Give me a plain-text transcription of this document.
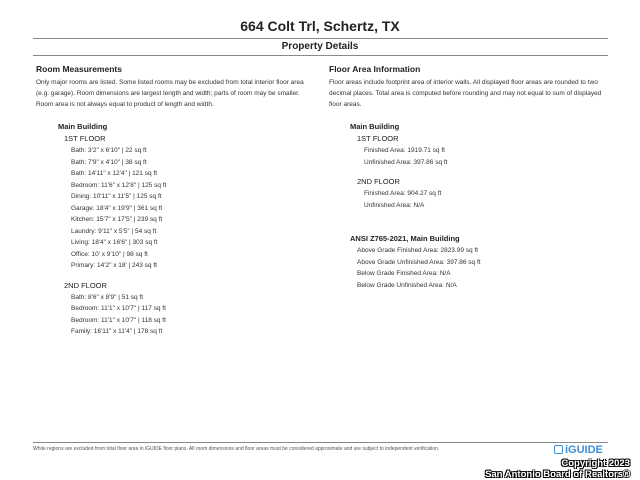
664 Colt Trl, Schertz, TX
Property Details
Room Measurements
Only major rooms are listed. Some listed rooms may be excluded from total interior floor area (e.g. garage). Room dimensions are largest length and width; parts of room may be smaller. Room area is not always equal to product of length and width.
Main Building
1ST FLOOR
Bath: 3'2" x 6'10" | 22 sq ft
Bath: 7'9" x 4'10" | 38 sq ft
Bath: 14'11" x 12'4" | 121 sq ft
Bedroom: 11'6" x 12'8" | 125 sq ft
Dining: 10'11" x 11'5" | 125 sq ft
Garage: 18'4" x 19'9" | 361 sq ft
Kitchen: 15'7" x 17'5" | 239 sq ft
Laundry: 9'11" x 5'5" | 54 sq ft
Living: 18'4" x 16'6" | 303 sq ft
Office: 10' x 9'10" | 98 sq ft
Primary: 14'2" x 18' | 243 sq ft
2ND FLOOR
Bath: 8'6" x 8'9" | 51 sq ft
Bedroom: 11'1" x 10'7" | 117 sq ft
Bedroom: 11'1" x 10'7" | 118 sq ft
Family: 16'11" x 11'4" | 178 sq ft
Floor Area Information
Floor areas include footprint area of interior walls. All displayed floor areas are rounded to two decimal places. Total area is computed before rounding and may not equal to sum of displayed floor areas.
Main Building
1ST FLOOR
Finished Area: 1919.71 sq ft
Unfinished Area: 397.86 sq ft
2ND FLOOR
Finished Area: 904.27 sq ft
Unfinished Area: N/A
ANSI Z765-2021, Main Building
Above Grade Finished Area: 2823.99 sq ft
Above Grade Unfinished Area: 397.86 sq ft
Below Grade Finished Area: N/A
Below Grade Unfinished Area: N/A
White regions are excluded from total floor area in iGUIDE floor plans. All room dimensions and floor areas must be considered approximate and are subject to independent verification.	iGUIDE
Copyright 2023
San Antonio Board of Realtors®
